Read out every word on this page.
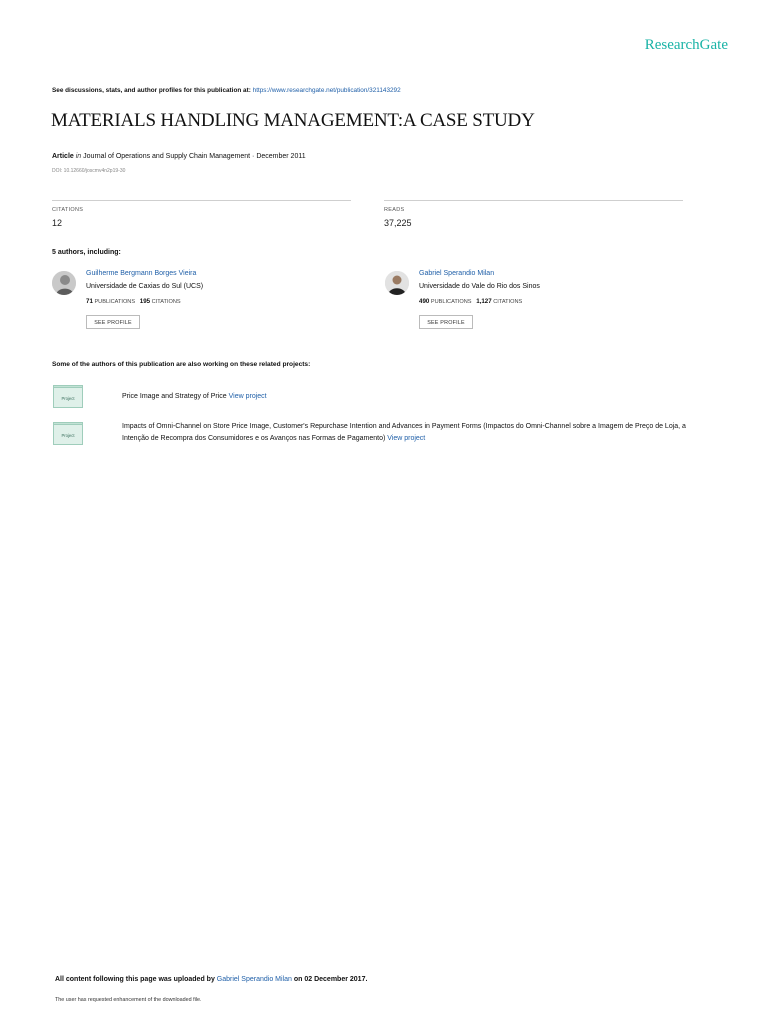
ResearchGate
See discussions, stats, and author profiles for this publication at: https://www.researchgate.net/publication/321143292
MATERIALS HANDLING MANAGEMENT:A CASE STUDY
Article in Journal of Operations and Supply Chain Management · December 2011
DOI: 10.12660/joscmv4n2p19-30
CITATIONS
12
READS
37,225
5 authors, including:
Guilherme Bergmann Borges Vieira
Universidade de Caxias do Sul (UCS)
71 PUBLICATIONS 195 CITATIONS
SEE PROFILE
Gabriel Sperandio Milan
Universidade do Vale do Rio dos Sinos
490 PUBLICATIONS 1,127 CITATIONS
SEE PROFILE
Some of the authors of this publication are also working on these related projects:
Project	Price Image and Strategy of Price View project
Project
Impacts of Omni-Channel on Store Price Image, Customer's Repurchase Intention and Advances in Payment Forms (Impactos do Omni-Channel sobre a Imagem de Preço de Loja, a Intenção de Recompra dos Consumidores e os Avanços nas Formas de Pagamento) View project
All content following this page was uploaded by Gabriel Sperandio Milan on 02 December 2017.
The user has requested enhancement of the downloaded file.
